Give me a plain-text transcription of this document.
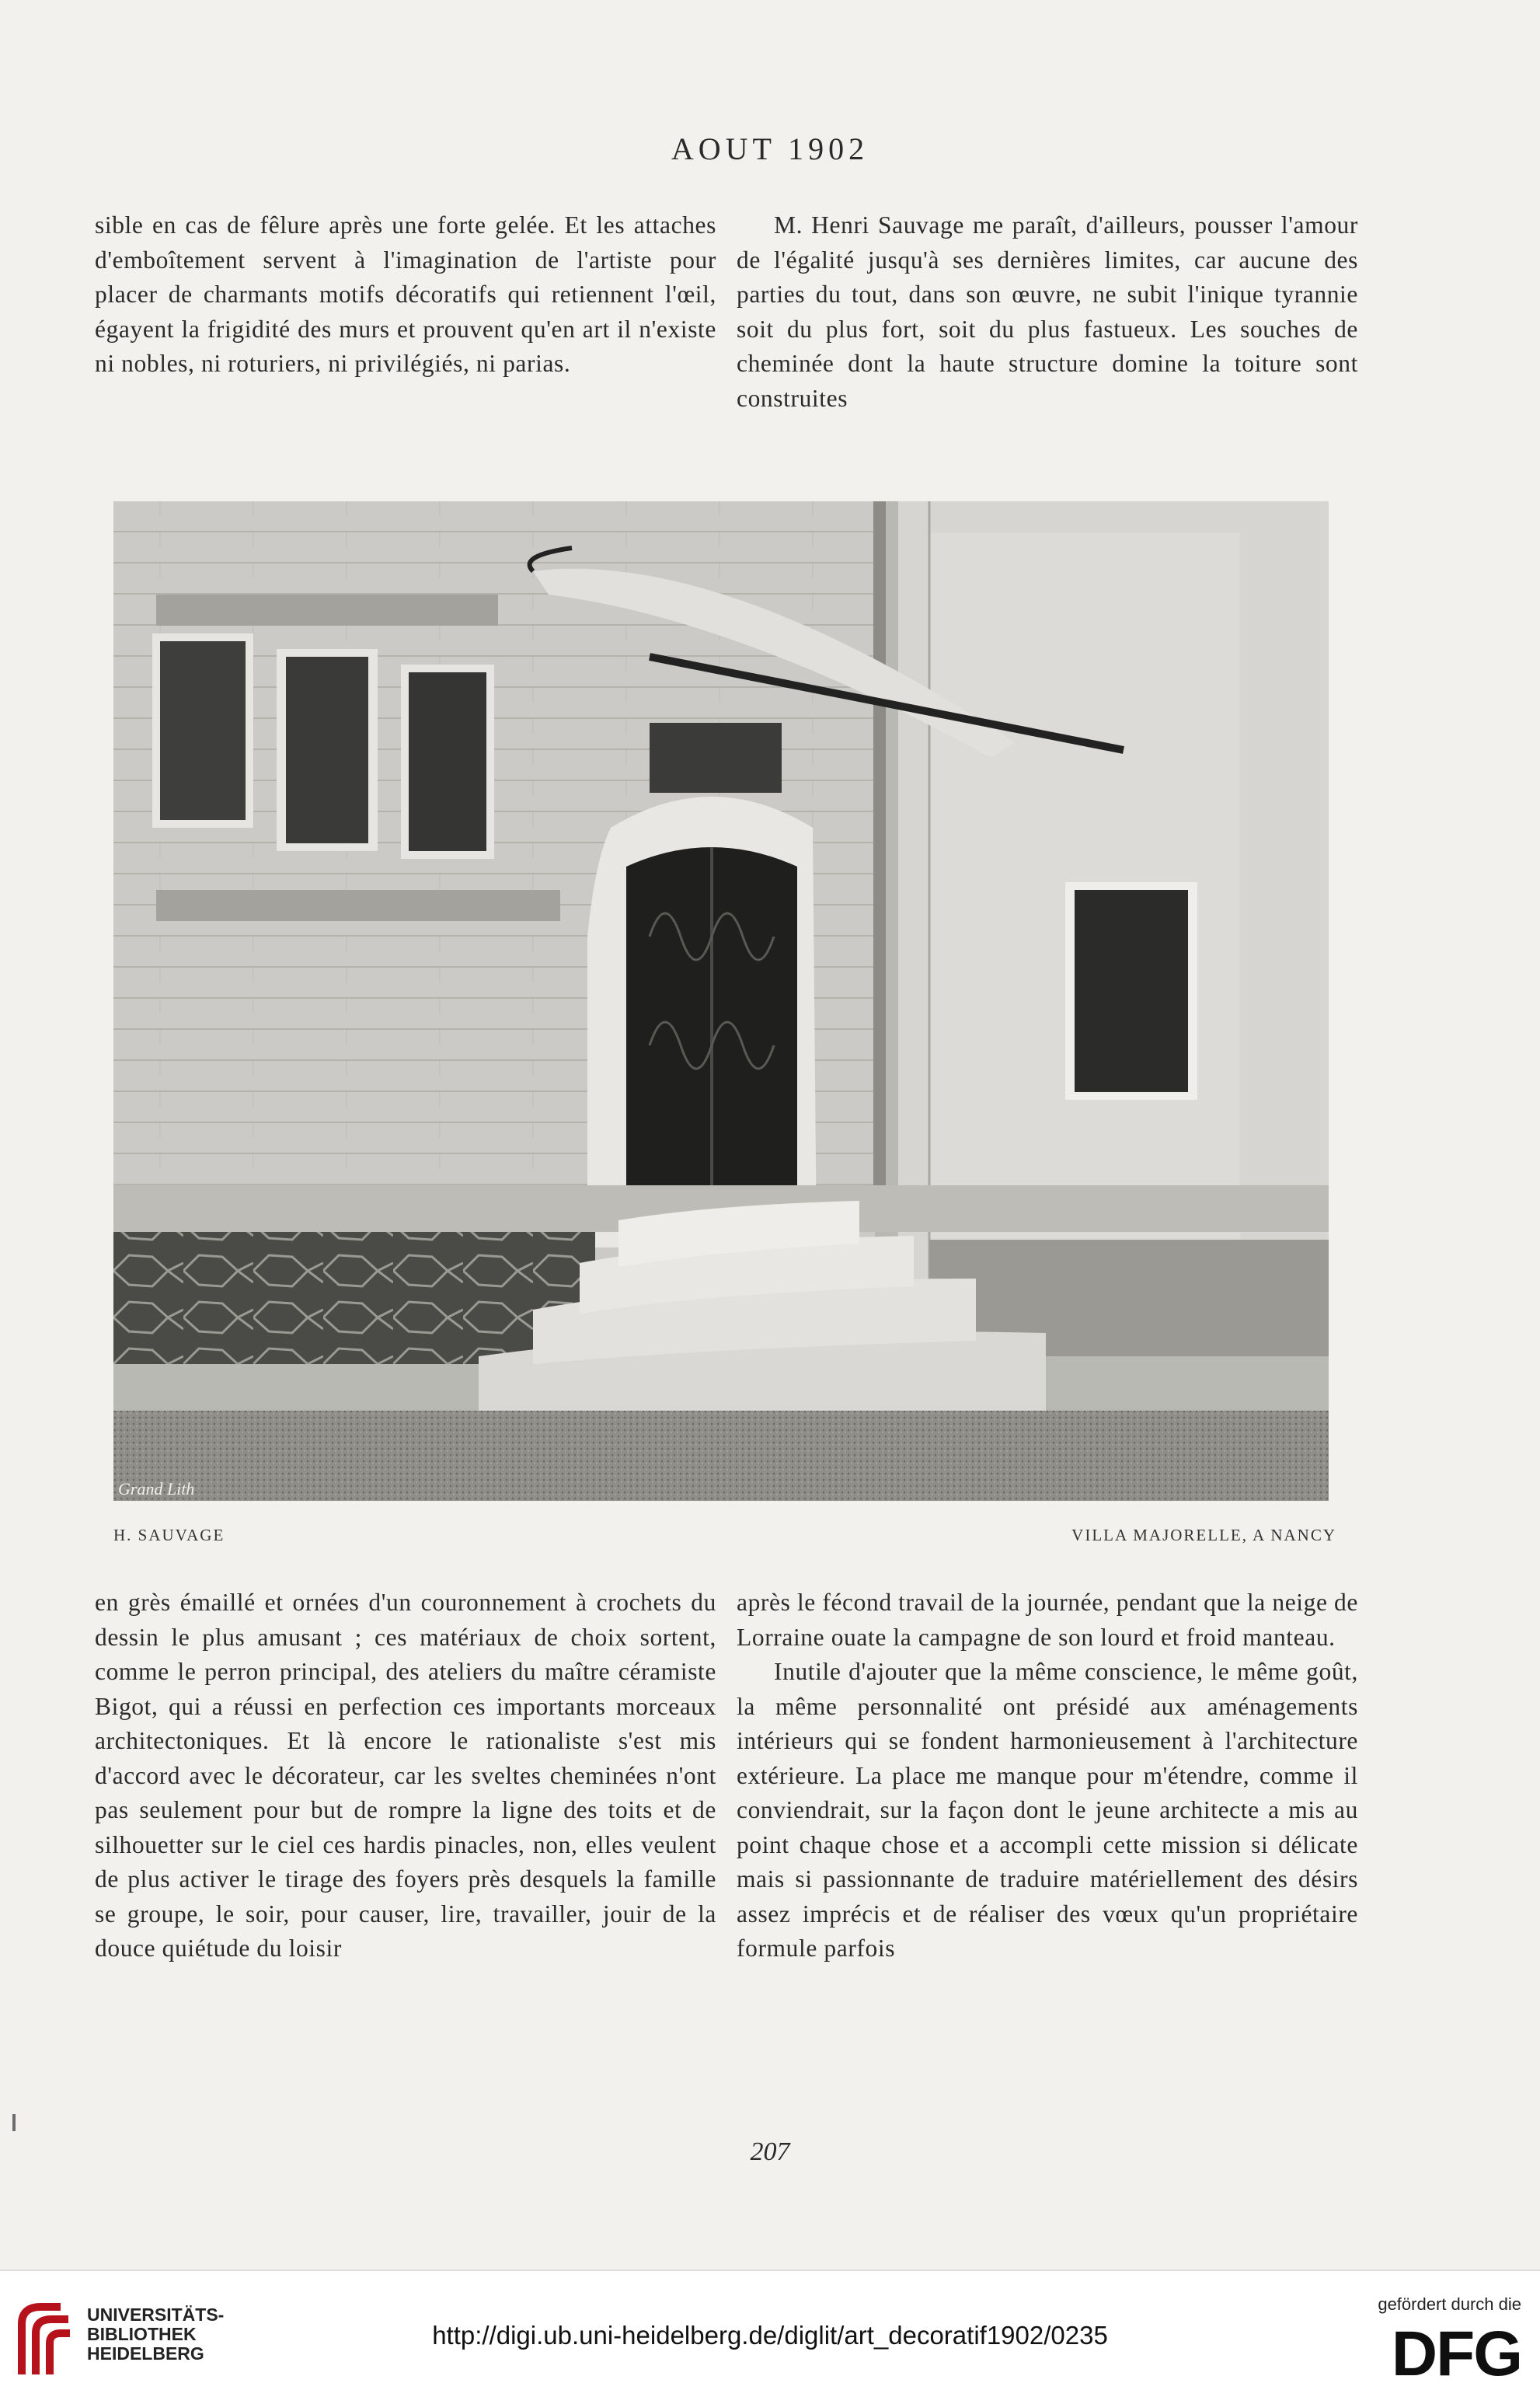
AOUT 1902

sible en cas de fêlure après une forte gelée. Et les attaches d'emboîtement servent à l'imagination de l'artiste pour placer de charmants motifs décoratifs qui retiennent l'œil, égayent la frigidité des murs et prouvent qu'en art il n'existe ni nobles, ni roturiers, ni privilégiés, ni parias.

M. Henri Sauvage me paraît, d'ailleurs, pousser l'amour de l'égalité jusqu'à ses dernières limites, car aucune des parties du tout, dans son œuvre, ne subit l'inique tyrannie soit du plus fort, soit du plus fastueux. Les souches de cheminée dont la haute structure domine la toiture sont construites

Grand Lith
H. SAUVAGE	VILLA MAJORELLE, A NANCY

en grès émaillé et ornées d'un couronnement à crochets du dessin le plus amusant ; ces matériaux de choix sortent, comme le perron principal, des ateliers du maître céramiste Bigot, qui a réussi en perfection ces importants morceaux architectoniques. Et là encore le rationaliste s'est mis d'accord avec le décorateur, car les sveltes cheminées n'ont pas seulement pour but de rompre la ligne des toits et de silhouetter sur le ciel ces hardis pinacles, non, elles veulent de plus activer le tirage des foyers près desquels la famille se groupe, le soir, pour causer, lire, travailler, jouir de la douce quiétude du loisir

après le fécond travail de la journée, pendant que la neige de Lorraine ouate la campagne de son lourd et froid manteau.

Inutile d'ajouter que la même conscience, le même goût, la même personnalité ont présidé aux aménagements intérieurs qui se fondent harmonieusement à l'architecture extérieure. La place me manque pour m'étendre, comme il conviendrait, sur la façon dont le jeune architecte a mis au point chaque chose et a accompli cette mission si délicate mais si passionnante de traduire matériellement des désirs assez imprécis et de réaliser des vœux qu'un propriétaire formule parfois

207
UNIVERSITÄTS-
BIBLIOTHEK
HEIDELBERG
http://digi.ub.uni-heidelberg.de/diglit/art_decoratif1902/0235
gefördert durch die
DFG
